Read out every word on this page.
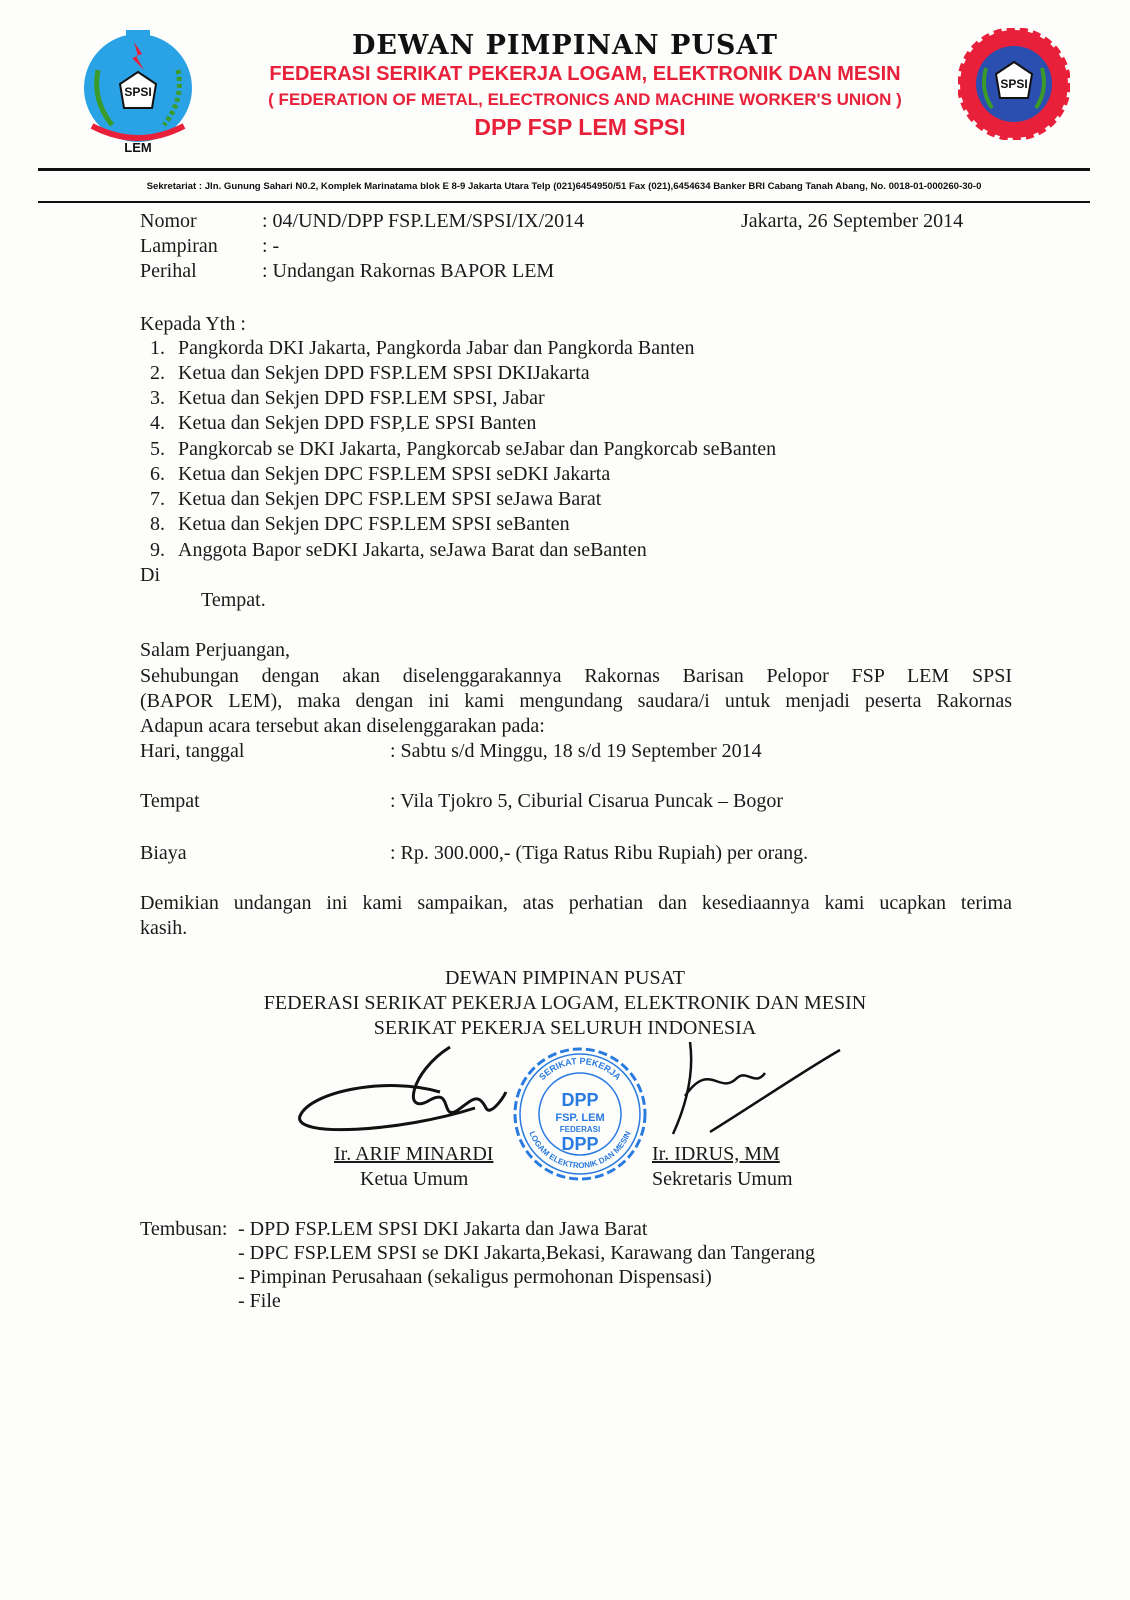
SPSI
LEM
SPSI
DEWAN PIMPINAN PUSAT
FEDERASI SERIKAT PEKERJA LOGAM, ELEKTRONIK DAN MESIN
( FEDERATION OF METAL, ELECTRONICS AND MACHINE WORKER'S UNION )
DPP FSP LEM SPSI
Sekretariat : Jln. Gunung Sahari N0.2, Komplek Marinatama blok E 8-9 Jakarta Utara Telp (021)6454950/51 Fax (021),6454634 Banker BRI Cabang Tanah Abang, No. 0018-01-000260-30-0
Nomor	: 04/UND/DPP FSP.LEM/SPSI/IX/2014	Jakarta, 26 September 2014
Lampiran : -
Perihal	: Undangan Rakornas BAPOR LEM
Kepada Yth :
1. Pangkorda DKI Jakarta, Pangkorda Jabar dan Pangkorda Banten
2. Ketua dan Sekjen DPD FSP.LEM SPSI DKIJakarta
3. Ketua dan Sekjen DPD FSP.LEM SPSI, Jabar
4. Ketua dan Sekjen DPD FSP,LE SPSI Banten
5. Pangkorcab se DKI Jakarta, Pangkorcab seJabar dan Pangkorcab seBanten
6. Ketua dan Sekjen DPC FSP.LEM SPSI seDKI Jakarta
7. Ketua dan Sekjen DPC FSP.LEM SPSI seJawa Barat
8. Ketua dan Sekjen DPC FSP.LEM SPSI seBanten
9. Anggota Bapor seDKI Jakarta, seJawa Barat dan seBanten
Di
Tempat.
Salam Perjuangan,
Sehubungan dengan akan diselenggarakannya Rakornas Barisan Pelopor FSP LEM SPSI
(BAPOR LEM), maka dengan ini kami mengundang saudara/i untuk menjadi peserta Rakornas
Adapun acara tersebut akan diselenggarakan pada:
Hari, tanggal	: Sabtu s/d Minggu, 18 s/d 19 September 2014
Tempat	: Vila Tjokro 5, Ciburial Cisarua Puncak – Bogor
Biaya	: Rp. 300.000,- (Tiga Ratus Ribu Rupiah) per orang.
Demikian undangan ini kami sampaikan, atas perhatian dan kesediaannya kami ucapkan terima
kasih.
DEWAN PIMPINAN PUSAT
FEDERASI SERIKAT PEKERJA LOGAM, ELEKTRONIK DAN MESIN
SERIKAT PEKERJA SELURUH INDONESIA
SERIKAT PEKERJA
LOGAM ELEKTRONIK DAN MESIN
DPP
FSP. LEM
FEDERASI
DPP
Ir. ARIF MINARDI
Ketua Umum
Ir. IDRUS, MM
Sekretaris Umum
Tembusan: - DPD FSP.LEM SPSI DKI Jakarta dan Jawa Barat
- DPC FSP.LEM SPSI se DKI Jakarta,Bekasi, Karawang dan Tangerang
- Pimpinan Perusahaan (sekaligus permohonan Dispensasi)
- File
